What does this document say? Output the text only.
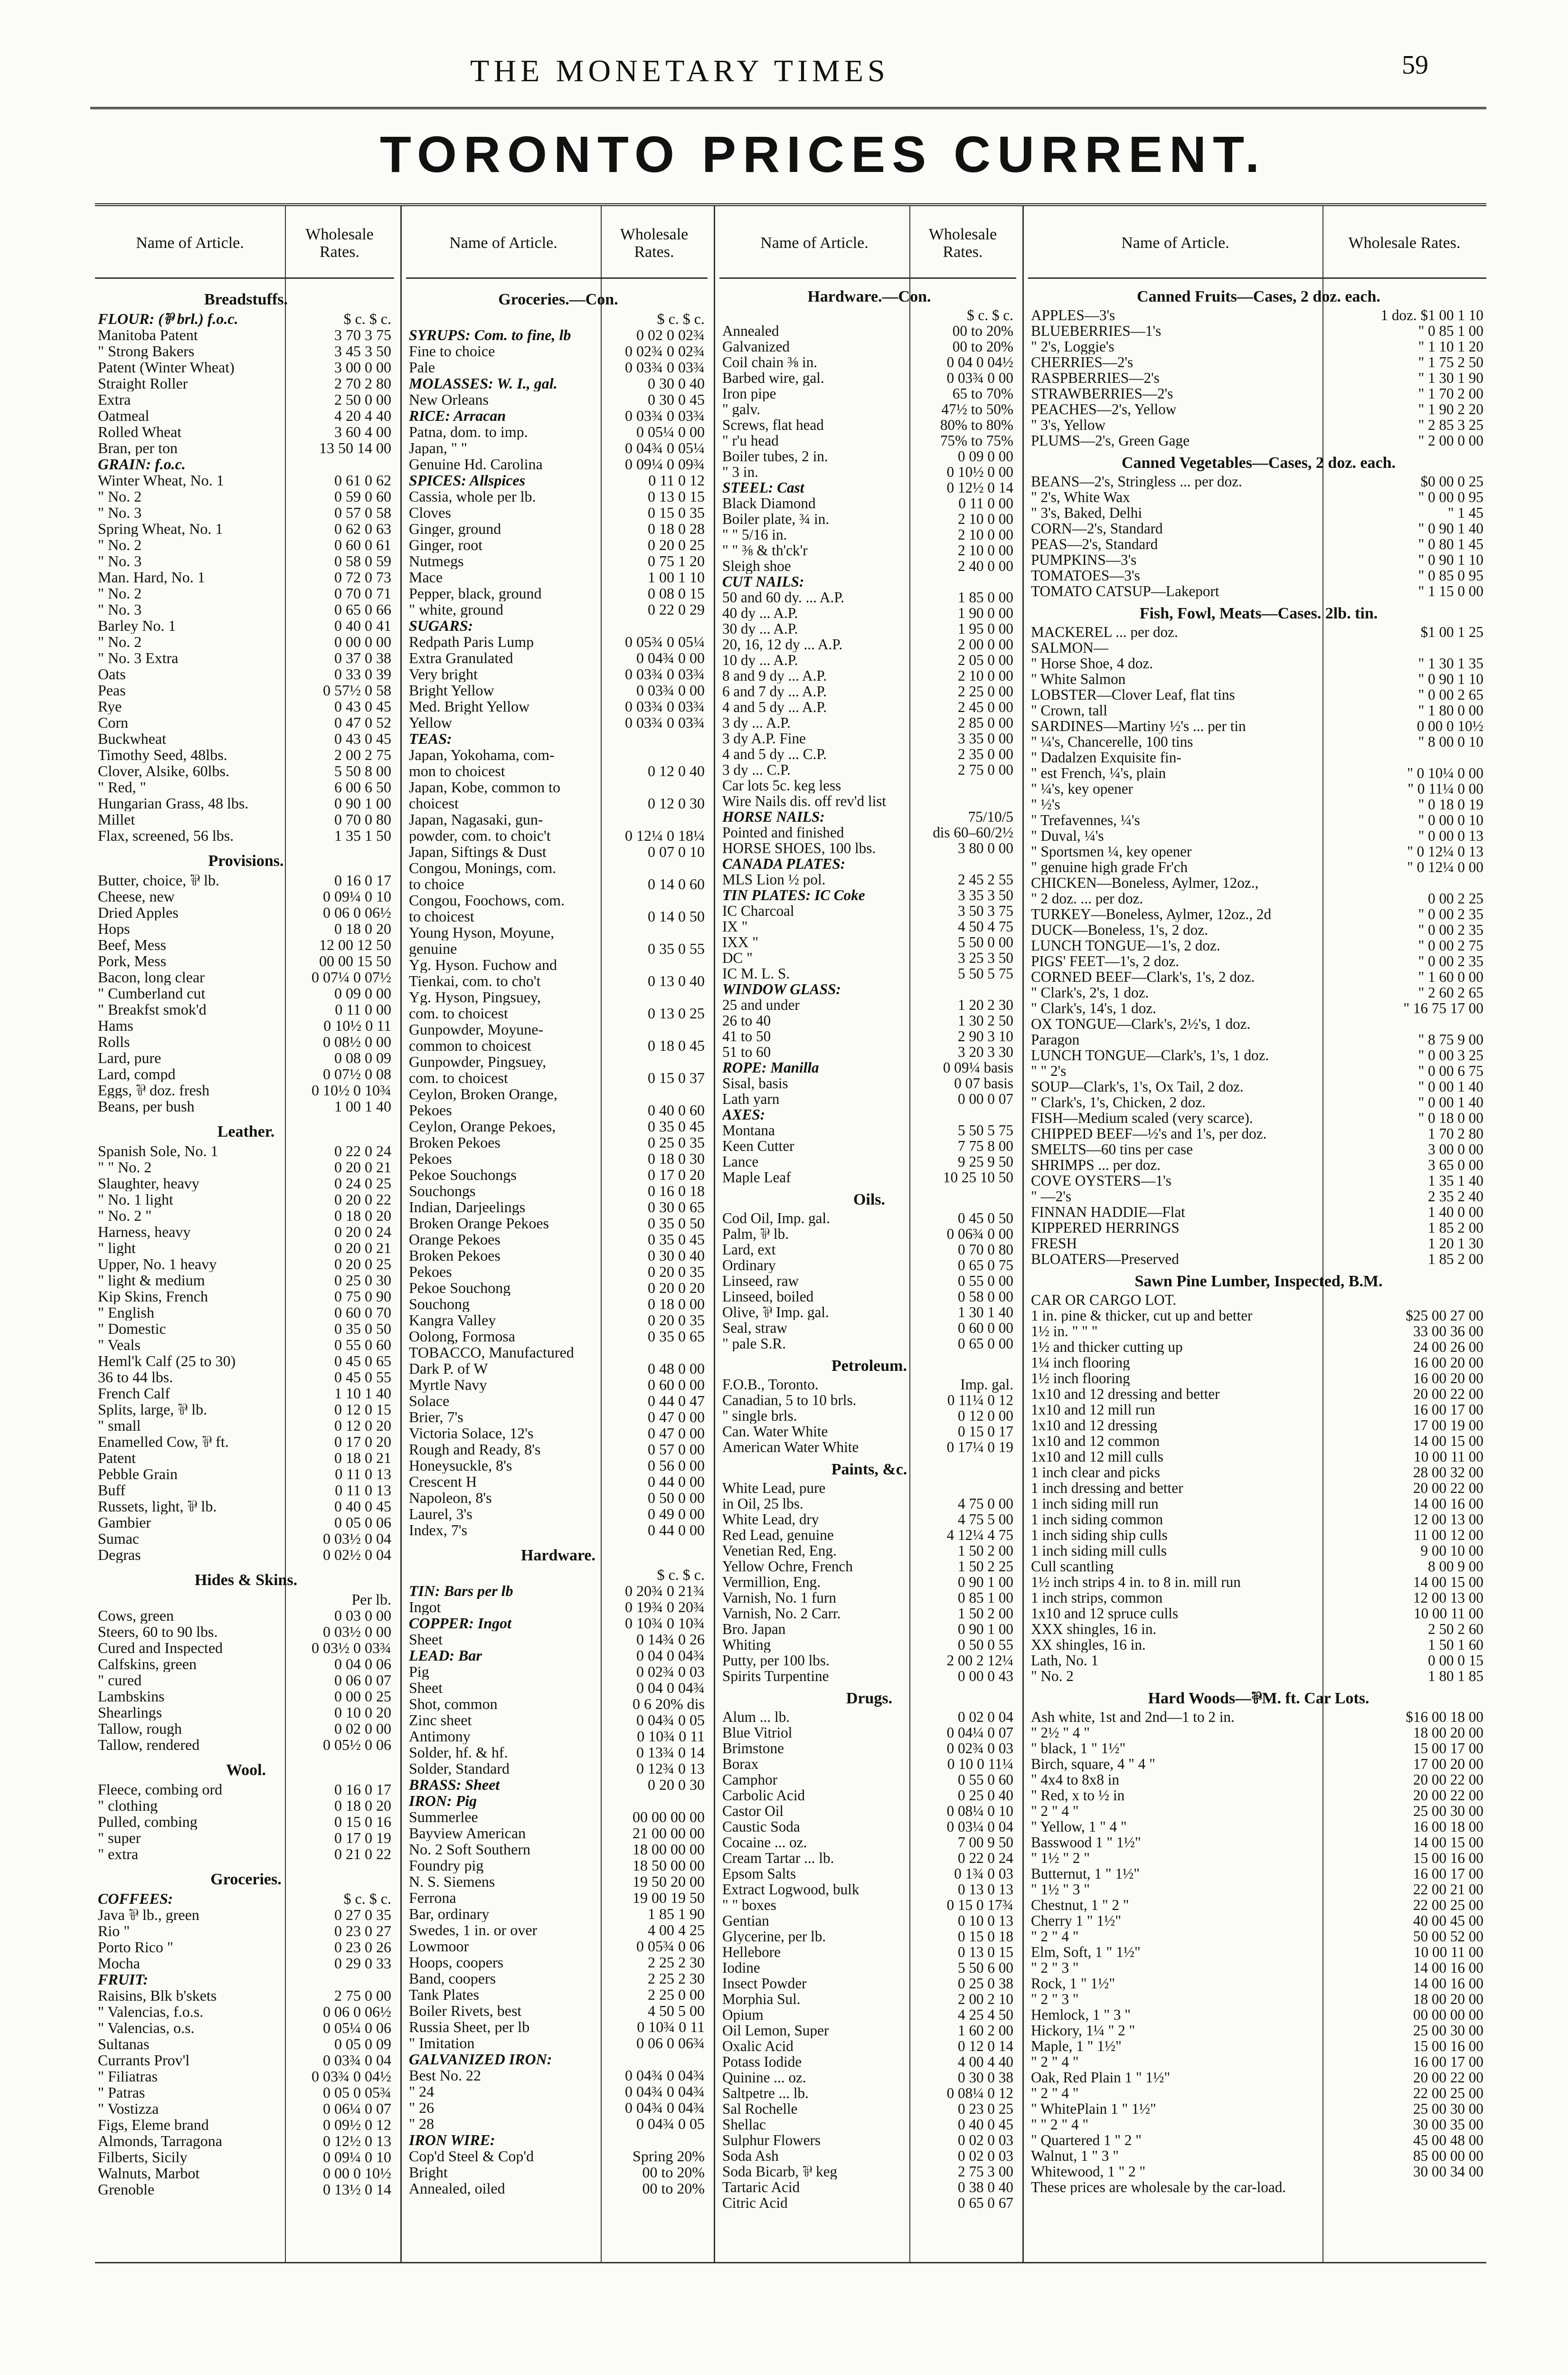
THE MONETARY TIMES	59
TORONTO PRICES CURRENT.
Name of Article.
Wholesale Rates.
Breadstuffs.
FLOUR: (⅌ brl.) f.o.c.	$ c. $ c.
Manitoba Patent	3 70 3 75
" Strong Bakers	3 45 3 50
Patent (Winter Wheat)	3 00 0 00
Straight Roller	2 70 2 80
Extra	2 50 0 00
Oatmeal	4 20 4 40
Rolled Wheat	3 60 4 00
Bran, per ton	13 50 14 00
GRAIN: f.o.c.
Winter Wheat, No. 1	0 61 0 62
" No. 2	0 59 0 60
" No. 3	0 57 0 58
Spring Wheat, No. 1	0 62 0 63
" No. 2	0 60 0 61
" No. 3	0 58 0 59
Man. Hard, No. 1	0 72 0 73
" No. 2	0 70 0 71
" No. 3	0 65 0 66
Barley No. 1	0 40 0 41
" No. 2	0 00 0 00
" No. 3 Extra	0 37 0 38
Oats	0 33 0 39
Peas	0 57½ 0 58
Rye	0 43 0 45
Corn	0 47 0 52
Buckwheat	0 43 0 45
Timothy Seed, 48lbs.	2 00 2 75
Clover, Alsike, 60lbs.	5 50 8 00
" Red, "	6 00 6 50
Hungarian Grass, 48 lbs.	0 90 1 00
Millet	0 70 0 80
Flax, screened, 56 lbs.	1 35 1 50
Provisions.
Butter, choice, ⅌ lb.	0 16 0 17
Cheese, new	0 09¼ 0 10
Dried Apples	0 06 0 06½
Hops	0 18 0 20
Beef, Mess	12 00 12 50
Pork, Mess	00 00 15 50
Bacon, long clear	0 07¼ 0 07½
" Cumberland cut	0 09 0 00
" Breakfst smok'd	0 11 0 00
Hams	0 10½ 0 11
Rolls	0 08½ 0 00
Lard, pure	0 08 0 09
Lard, compd	0 07½ 0 08
Eggs, ⅌ doz. fresh	0 10½ 0 10¾
Beans, per bush	1 00 1 40
Leather.
Spanish Sole, No. 1	0 22 0 24
" " No. 2	0 20 0 21
Slaughter, heavy	0 24 0 25
" No. 1 light	0 20 0 22
" No. 2 "	0 18 0 20
Harness, heavy	0 20 0 24
" light	0 20 0 21
Upper, No. 1 heavy	0 20 0 25
" light & medium	0 25 0 30
Kip Skins, French	0 75 0 90
" English	0 60 0 70
" Domestic	0 35 0 50
" Veals	0 55 0 60
Heml'k Calf (25 to 30)	0 45 0 65
36 to 44 lbs.	0 45 0 55
French Calf	1 10 1 40
Splits, large, ⅌ lb.	0 12 0 15
" small	0 12 0 20
Enamelled Cow, ⅌ ft.	0 17 0 20
Patent	0 18 0 21
Pebble Grain	0 11 0 13
Buff	0 11 0 13
Russets, light, ⅌ lb.	0 40 0 45
Gambier	0 05 0 06
Sumac	0 03½ 0 04
Degras	0 02½ 0 04
Hides & Skins.
Per lb.
Cows, green	0 03 0 00
Steers, 60 to 90 lbs.	0 03½ 0 00
Cured and Inspected	0 03½ 0 03¾
Calfskins, green	0 04 0 06
" cured	0 06 0 07
Lambskins	0 00 0 25
Shearlings	0 10 0 20
Tallow, rough	0 02 0 00
Tallow, rendered	0 05½ 0 06
Wool.
Fleece, combing ord	0 16 0 17
" clothing	0 18 0 20
Pulled, combing	0 15 0 16
" super	0 17 0 19
" extra	0 21 0 22
Groceries.
COFFEES:	$ c. $ c.
Java ⅌ lb., green	0 27 0 35
Rio "	0 23 0 27
Porto Rico "	0 23 0 26
Mocha	0 29 0 33
FRUIT:
Raisins, Blk b'skets	2 75 0 00
" Valencias, f.o.s.	0 06 0 06½
" Valencias, o.s.	0 05¼ 0 06
Sultanas	0 05 0 09
Currants Prov'l	0 03¾ 0 04
" Filiatras	0 03¾ 0 04½
" Patras	0 05 0 05¾
" Vostizza	0 06¼ 0 07
Figs, Eleme brand	0 09½ 0 12
Almonds, Tarragona	0 12½ 0 13
Filberts, Sicily	0 09¼ 0 10
Walnuts, Marbot	0 00 0 10½
Grenoble	0 13½ 0 14
Name of Article.
Wholesale Rates.
Groceries.—Con.
$ c. $ c.
SYRUPS: Com. to fine, lb	0 02 0 02¾
Fine to choice	0 02¾ 0 02¾
Pale	0 03¾ 0 03¾
MOLASSES: W. I., gal.	0 30 0 40
New Orleans	0 30 0 45
RICE: Arracan	0 03¾ 0 03¾
Patna, dom. to imp.	0 05¼ 0 00
Japan, " "	0 04¾ 0 05¼
Genuine Hd. Carolina	0 09¼ 0 09¾
SPICES: Allspices	0 11 0 12
Cassia, whole per lb.	0 13 0 15
Cloves	0 15 0 35
Ginger, ground	0 18 0 28
Ginger, root	0 20 0 25
Nutmegs	0 75 1 20
Mace	1 00 1 10
Pepper, black, ground	0 08 0 15
" white, ground	0 22 0 29
SUGARS:
Redpath Paris Lump	0 05¾ 0 05¼
Extra Granulated	0 04¾ 0 00
Very bright	0 03¾ 0 03¾
Bright Yellow	0 03¾ 0 00
Med. Bright Yellow	0 03¾ 0 03¾
Yellow	0 03¾ 0 03¾
TEAS:
Japan, Yokohama, com-
mon to choicest	0 12 0 40
Japan, Kobe, common to
choicest	0 12 0 30
Japan, Nagasaki, gun-
powder, com. to choic't	0 12¼ 0 18¼
Japan, Siftings & Dust	0 07 0 10
Congou, Monings, com.
to choice	0 14 0 60
Congou, Foochows, com.
to choicest	0 14 0 50
Young Hyson, Moyune,
genuine	0 35 0 55
Yg. Hyson. Fuchow and
Tienkai, com. to cho't	0 13 0 40
Yg. Hyson, Pingsuey,
com. to choicest	0 13 0 25
Gunpowder, Moyune-
common to choicest	0 18 0 45
Gunpowder, Pingsuey,
com. to choicest	0 15 0 37
Ceylon, Broken Orange,
Pekoes	0 40 0 60
Ceylon, Orange Pekoes,	0 35 0 45
Broken Pekoes	0 25 0 35
Pekoes	0 18 0 30
Pekoe Souchongs	0 17 0 20
Souchongs	0 16 0 18
Indian, Darjeelings	0 30 0 65
Broken Orange Pekoes	0 35 0 50
Orange Pekoes	0 35 0 45
Broken Pekoes	0 30 0 40
Pekoes	0 20 0 35
Pekoe Souchong	0 20 0 20
Souchong	0 18 0 00
Kangra Valley	0 20 0 35
Oolong, Formosa	0 35 0 65
TOBACCO, Manufactured
Dark P. of W	0 48 0 00
Myrtle Navy	0 60 0 00
Solace	0 44 0 47
Brier, 7's	0 47 0 00
Victoria Solace, 12's	0 47 0 00
Rough and Ready, 8's	0 57 0 00
Honeysuckle, 8's	0 56 0 00
Crescent H	0 44 0 00
Napoleon, 8's	0 50 0 00
Laurel, 3's	0 49 0 00
Index, 7's	0 44 0 00
Hardware.
$ c. $ c.
TIN: Bars per lb	0 20¾ 0 21¾
Ingot	0 19¾ 0 20¾
COPPER: Ingot	0 10¾ 0 10¾
Sheet	0 14¾ 0 26
LEAD: Bar	0 04 0 04¾
Pig	0 02¾ 0 03
Sheet	0 04 0 04¾
Shot, common	0 6 20% dis
Zinc sheet	0 04¾ 0 05
Antimony	0 10¾ 0 11
Solder, hf. & hf.	0 13¾ 0 14
Solder, Standard	0 12¾ 0 13
BRASS: Sheet	0 20 0 30
IRON: Pig
Summerlee	00 00 00 00
Bayview American	21 00 00 00
No. 2 Soft Southern	18 00 00 00
Foundry pig	18 50 00 00
N. S. Siemens	19 50 20 00
Ferrona	19 00 19 50
Bar, ordinary	1 85 1 90
Swedes, 1 in. or over	4 00 4 25
Lowmoor	0 05¾ 0 06
Hoops, coopers	2 25 2 30
Band, coopers	2 25 2 30
Tank Plates	2 25 0 00
Boiler Rivets, best	4 50 5 00
Russia Sheet, per lb	0 10¾ 0 11
" Imitation	0 06 0 06¾
GALVANIZED IRON:
Best No. 22	0 04¾ 0 04¾
" 24	0 04¾ 0 04¾
" 26	0 04¾ 0 04¾
" 28	0 04¾ 0 05
IRON WIRE:
Cop'd Steel & Cop'd	Spring 20%
Bright	00 to 20%
Annealed, oiled	00 to 20%
Name of Article.
Wholesale Rates.
Hardware.—Con.
$ c. $ c.
Annealed	00 to 20%
Galvanized	00 to 20%
Coil chain ⅜ in.	0 04 0 04½
Barbed wire, gal.	0 03¾ 0 00
Iron pipe	65 to 70%
" galv.	47½ to 50%
Screws, flat head	80% to 80%
" r'u head	75% to 75%
Boiler tubes, 2 in.	0 09 0 00
" 3 in.	0 10½ 0 00
STEEL: Cast	0 12½ 0 14
Black Diamond	0 11 0 00
Boiler plate, ¾ in.	2 10 0 00
" " 5/16 in.	2 10 0 00
" " ⅜ & th'ck'r	2 10 0 00
Sleigh shoe	2 40 0 00
CUT NAILS:
50 and 60 dy. ... A.P.	1 85 0 00
40 dy ... A.P.	1 90 0 00
30 dy ... A.P.	1 95 0 00
20, 16, 12 dy ... A.P.	2 00 0 00
10 dy ... A.P.	2 05 0 00
8 and 9 dy ... A.P.	2 10 0 00
6 and 7 dy ... A.P.	2 25 0 00
4 and 5 dy ... A.P.	2 45 0 00
3 dy ... A.P.	2 85 0 00
3 dy A.P. Fine	3 35 0 00
4 and 5 dy ... C.P.	2 35 0 00
3 dy ... C.P.	2 75 0 00
Car lots 5c. keg less
Wire Nails dis. off rev'd list
HORSE NAILS:	75/10/5
Pointed and finished	dis 60–60/2½
HORSE SHOES, 100 lbs.	3 80 0 00
CANADA PLATES:
MLS Lion ½ pol.	2 45 2 55
TIN PLATES: IC Coke	3 35 3 50
IC Charcoal	3 50 3 75
IX "	4 50 4 75
IXX "	5 50 0 00
DC "	3 25 3 50
IC M. L. S.	5 50 5 75
WINDOW GLASS:
25 and under	1 20 2 30
26 to 40	1 30 2 50
41 to 50	2 90 3 10
51 to 60	3 20 3 30
ROPE: Manilla	0 09¼ basis
Sisal, basis	0 07 basis
Lath yarn	0 00 0 07
AXES:
Montana	5 50 5 75
Keen Cutter	7 75 8 00
Lance	9 25 9 50
Maple Leaf	10 25 10 50
Oils.
Cod Oil, Imp. gal.	0 45 0 50
Palm, ⅌ lb.	0 06¾ 0 00
Lard, ext	0 70 0 80
Ordinary	0 65 0 75
Linseed, raw	0 55 0 00
Linseed, boiled	0 58 0 00
Olive, ⅌ Imp. gal.	1 30 1 40
Seal, straw	0 60 0 00
" pale S.R.	0 65 0 00
Petroleum.
F.O.B., Toronto.	Imp. gal.
Canadian, 5 to 10 brls.	0 11¼ 0 12
" single brls.	0 12 0 00
Can. Water White	0 15 0 17
American Water White	0 17¼ 0 19
Paints, &c.
White Lead, pure
in Oil, 25 lbs.	4 75 0 00
White Lead, dry	4 75 5 00
Red Lead, genuine	4 12¼ 4 75
Venetian Red, Eng.	1 50 2 00
Yellow Ochre, French	1 50 2 25
Vermillion, Eng.	0 90 1 00
Varnish, No. 1 furn	0 85 1 00
Varnish, No. 2 Carr.	1 50 2 00
Bro. Japan	0 90 1 00
Whiting	0 50 0 55
Putty, per 100 lbs.	2 00 2 12¼
Spirits Turpentine	0 00 0 43
Drugs.
Alum ... lb.	0 02 0 04
Blue Vitriol	0 04¼ 0 07
Brimstone	0 02¾ 0 03
Borax	0 10 0 11¼
Camphor	0 55 0 60
Carbolic Acid	0 25 0 40
Castor Oil	0 08¼ 0 10
Caustic Soda	0 03¼ 0 04
Cocaine ... oz.	7 00 9 50
Cream Tartar ... lb.	0 22 0 24
Epsom Salts	0 1¾ 0 03
Extract Logwood, bulk	0 13 0 13
" " boxes	0 15 0 17¾
Gentian	0 10 0 13
Glycerine, per lb.	0 15 0 18
Hellebore	0 13 0 15
Iodine	5 50 6 00
Insect Powder	0 25 0 38
Morphia Sul.	2 00 2 10
Opium	4 25 4 50
Oil Lemon, Super	1 60 2 00
Oxalic Acid	0 12 0 14
Potass Iodide	4 00 4 40
Quinine ... oz.	0 30 0 38
Saltpetre ... lb.	0 08¼ 0 12
Sal Rochelle	0 23 0 25
Shellac	0 40 0 45
Sulphur Flowers	0 02 0 03
Soda Ash	0 02 0 03
Soda Bicarb, ⅌ keg	2 75 3 00
Tartaric Acid	0 38 0 40
Citric Acid	0 65 0 67
Name of Article.	Wholesale Rates.
Canned Fruits—Cases, 2 doz. each.
APPLES—3's	1 doz. $1 00 1 10
BLUEBERRIES—1's	" 0 85 1 00
" 2's, Loggie's	" 1 10 1 20
CHERRIES—2's	" 1 75 2 50
RASPBERRIES—2's	" 1 30 1 90
STRAWBERRIES—2's	" 1 70 2 00
PEACHES—2's, Yellow	" 1 90 2 20
" 3's, Yellow	" 2 85 3 25
PLUMS—2's, Green Gage	" 2 00 0 00
Canned Vegetables—Cases, 2 doz. each.
BEANS—2's, Stringless ... per doz.	$0 00 0 25
" 2's, White Wax	" 0 00 0 95
" 3's, Baked, Delhi	" 1 45
CORN—2's, Standard	" 0 90 1 40
PEAS—2's, Standard	" 0 80 1 45
PUMPKINS—3's	" 0 90 1 10
TOMATOES—3's	" 0 85 0 95
TOMATO CATSUP—Lakeport	" 1 15 0 00
Fish, Fowl, Meats—Cases. 2lb. tin.
MACKEREL ... per doz.	$1 00 1 25
SALMON—
" Horse Shoe, 4 doz.	" 1 30 1 35
" White Salmon	" 0 90 1 10
LOBSTER—Clover Leaf, flat tins	" 0 00 2 65
" Crown, tall	" 1 80 0 00
SARDINES—Martiny ½'s ... per tin	0 00 0 10½
" ¼'s, Chancerelle, 100 tins	" 8 00 0 10
" Dadalzen Exquisite fin-
" est French, ¼'s, plain	" 0 10¼ 0 00
" ¼'s, key opener	" 0 11¼ 0 00
" ½'s	" 0 18 0 19
" Trefavennes, ¼'s	" 0 00 0 10
" Duval, ¼'s	" 0 00 0 13
" Sportsmen ¼, key opener	" 0 12¼ 0 13
" genuine high grade Fr'ch	" 0 12¼ 0 00
CHICKEN—Boneless, Aylmer, 12oz.,
" 2 doz. ... per doz.	0 00 2 25
TURKEY—Boneless, Aylmer, 12oz., 2d	" 0 00 2 35
DUCK—Boneless, 1's, 2 doz.	" 0 00 2 35
LUNCH TONGUE—1's, 2 doz.	" 0 00 2 75
PIGS' FEET—1's, 2 doz.	" 0 00 2 35
CORNED BEEF—Clark's, 1's, 2 doz.	" 1 60 0 00
" Clark's, 2's, 1 doz.	" 2 60 2 65
" Clark's, 14's, 1 doz.	" 16 75 17 00
OX TONGUE—Clark's, 2½'s, 1 doz.
Paragon	" 8 75 9 00
LUNCH TONGUE—Clark's, 1's, 1 doz.	" 0 00 3 25
" " 2's	" 0 00 6 75
SOUP—Clark's, 1's, Ox Tail, 2 doz.	" 0 00 1 40
" Clark's, 1's, Chicken, 2 doz.	" 0 00 1 40
FISH—Medium scaled (very scarce).	" 0 18 0 00
CHIPPED BEEF—½'s and 1's, per doz.	1 70 2 80
SMELTS—60 tins per case	3 00 0 00
SHRIMPS ... per doz.	3 65 0 00
COVE OYSTERS—1's	1 35 1 40
" —2's	2 35 2 40
FINNAN HADDIE—Flat	1 40 0 00
KIPPERED HERRINGS	1 85 2 00
FRESH	1 20 1 30
BLOATERS—Preserved	1 85 2 00
Sawn Pine Lumber, Inspected, B.M.
CAR OR CARGO LOT.
1 in. pine & thicker, cut up and better	$25 00 27 00
1½ in. " " "	33 00 36 00
1½ and thicker cutting up	24 00 26 00
1¼ inch flooring	16 00 20 00
1½ inch flooring	16 00 20 00
1x10 and 12 dressing and better	20 00 22 00
1x10 and 12 mill run	16 00 17 00
1x10 and 12 dressing	17 00 19 00
1x10 and 12 common	14 00 15 00
1x10 and 12 mill culls	10 00 11 00
1 inch clear and picks	28 00 32 00
1 inch dressing and better	20 00 22 00
1 inch siding mill run	14 00 16 00
1 inch siding common	12 00 13 00
1 inch siding ship culls	11 00 12 00
1 inch siding mill culls	9 00 10 00
Cull scantling	8 00 9 00
1½ inch strips 4 in. to 8 in. mill run	14 00 15 00
1 inch strips, common	12 00 13 00
1x10 and 12 spruce culls	10 00 11 00
XXX shingles, 16 in.	2 50 2 60
XX shingles, 16 in.	1 50 1 60
Lath, No. 1	0 00 0 15
" No. 2	1 80 1 85
Hard Woods—⅌M. ft. Car Lots.
Ash white, 1st and 2nd—1 to 2 in.	$16 00 18 00
" 2½ " 4 "	18 00 20 00
" black, 1 " 1½"	15 00 17 00
Birch, square, 4 " 4 "	17 00 20 00
" 4x4 to 8x8 in	20 00 22 00
" Red, x to ½ in	20 00 22 00
" 2 " 4 "	25 00 30 00
" Yellow, 1 " 4 "	16 00 18 00
Basswood 1 " 1½"	14 00 15 00
" 1½ " 2 "	15 00 16 00
Butternut, 1 " 1½"	16 00 17 00
" 1½ " 3 "	22 00 21 00
Chestnut, 1 " 2 "	22 00 25 00
Cherry 1 " 1½"	40 00 45 00
" 2 " 4 "	50 00 52 00
Elm, Soft, 1 " 1½"	10 00 11 00
" 2 " 3 "	14 00 16 00
Rock, 1 " 1½"	14 00 16 00
" 2 " 3 "	18 00 20 00
Hemlock, 1 " 3 "	00 00 00 00
Hickory, 1¼ " 2 "	25 00 30 00
Maple, 1 " 1½"	15 00 16 00
" 2 " 4 "	16 00 17 00
Oak, Red Plain 1 " 1½"	20 00 22 00
" 2 " 4 "	22 00 25 00
" WhitePlain 1 " 1½"	25 00 30 00
" " 2 " 4 "	30 00 35 00
" Quartered 1 " 2 "	45 00 48 00
Walnut, 1 " 3 "	85 00 00 00
Whitewood, 1 " 2 "	30 00 34 00
These prices are wholesale by the car-load.
